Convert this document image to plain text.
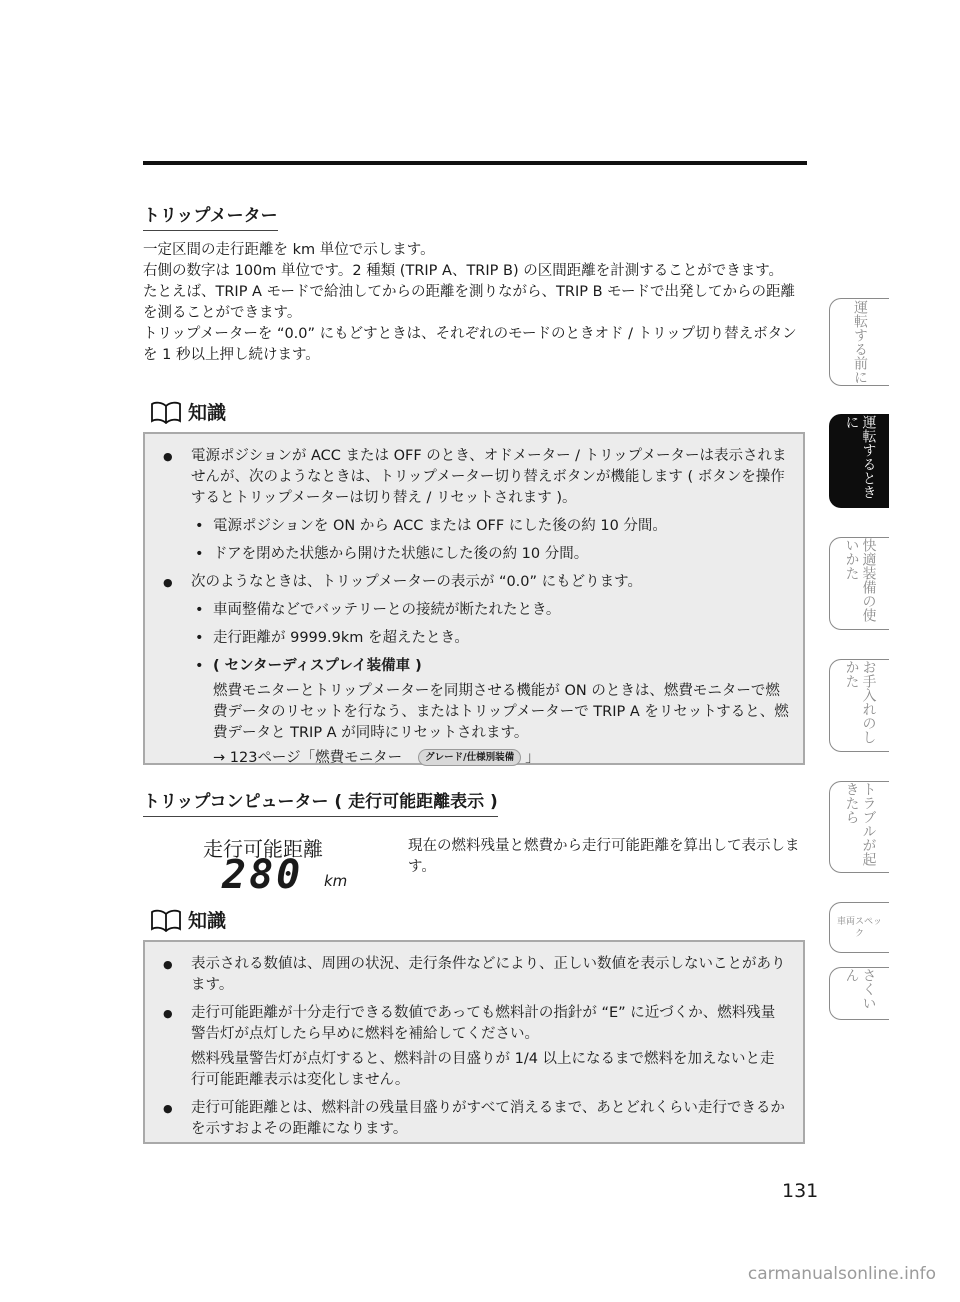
トリップメーター

一定区間の走行距離を km 単位で示します。

右側の数字は 100m 単位です。2 種類 (TRIP A、TRIP B) の区間距離を計測することができます。

たとえば、TRIP A モードで給油してからの距離を測りながら、TRIP B モードで出発してからの距離を測ることができます。

トリップメーターを “0.0” にもどすときは、それぞれのモードのときオド / トリップ切り替えボタンを 1 秒以上押し続けます。

知識
● 電源ポジションが ACC または OFF のとき、オドメーター / トリップメーターは表示されませんが、次のようなときは、トリップメーター切り替えボタンが機能します ( ボタンを操作するとトリップメーターは切り替え / リセットされます )。
• 電源ポジションを ON から ACC または OFF にした後の約 10 分間。
• ドアを閉めた状態から開けた状態にした後の約 10 分間。
● 次のようなときは、トリップメーターの表示が “0.0” にもどります。
• 車両整備などでバッテリーとの接続が断たれたとき。
• 走行距離が 9999.9km を超えたとき。
• ( センターディスプレイ装備車 )
燃費モニターとトリップメーターを同期させる機能が ON のときは、燃費モニターで燃費データのリセットを行なう、またはトリップメーターで TRIP A をリセットすると、燃費データと TRIP A が同時にリセットされます。
→ 123ページ「燃費モニター グレード/仕様別装備 」
トリップコンピューター ( 走行可能距離表示 )
走行可能距離
280 km
現在の燃料残量と燃費から走行可能距離を算出して表示します。
知識
● 表示される数値は、周囲の状況、走行条件などにより、正しい数値を表示しないことがあります。
● 走行可能距離が十分走行できる数値であっても燃料計の指針が “E” に近づくか、燃料残量警告灯が点灯したら早めに燃料を補給してください。
燃料残量警告灯が点灯すると、燃料計の目盛りが 1/4 以上になるまで燃料を加えないと走行可能距離表示は変化しません。
● 走行可能距離とは、燃料計の残量目盛りがすべて消えるまで、あとどれくらい走行できるかを示すおよその距離になります。
運転する前に
運転するときに
快適装備の使いかた
お手入れのしかた
トラブルが起きたら
車両スペック
さくいん
131
carmanualsonline.info
